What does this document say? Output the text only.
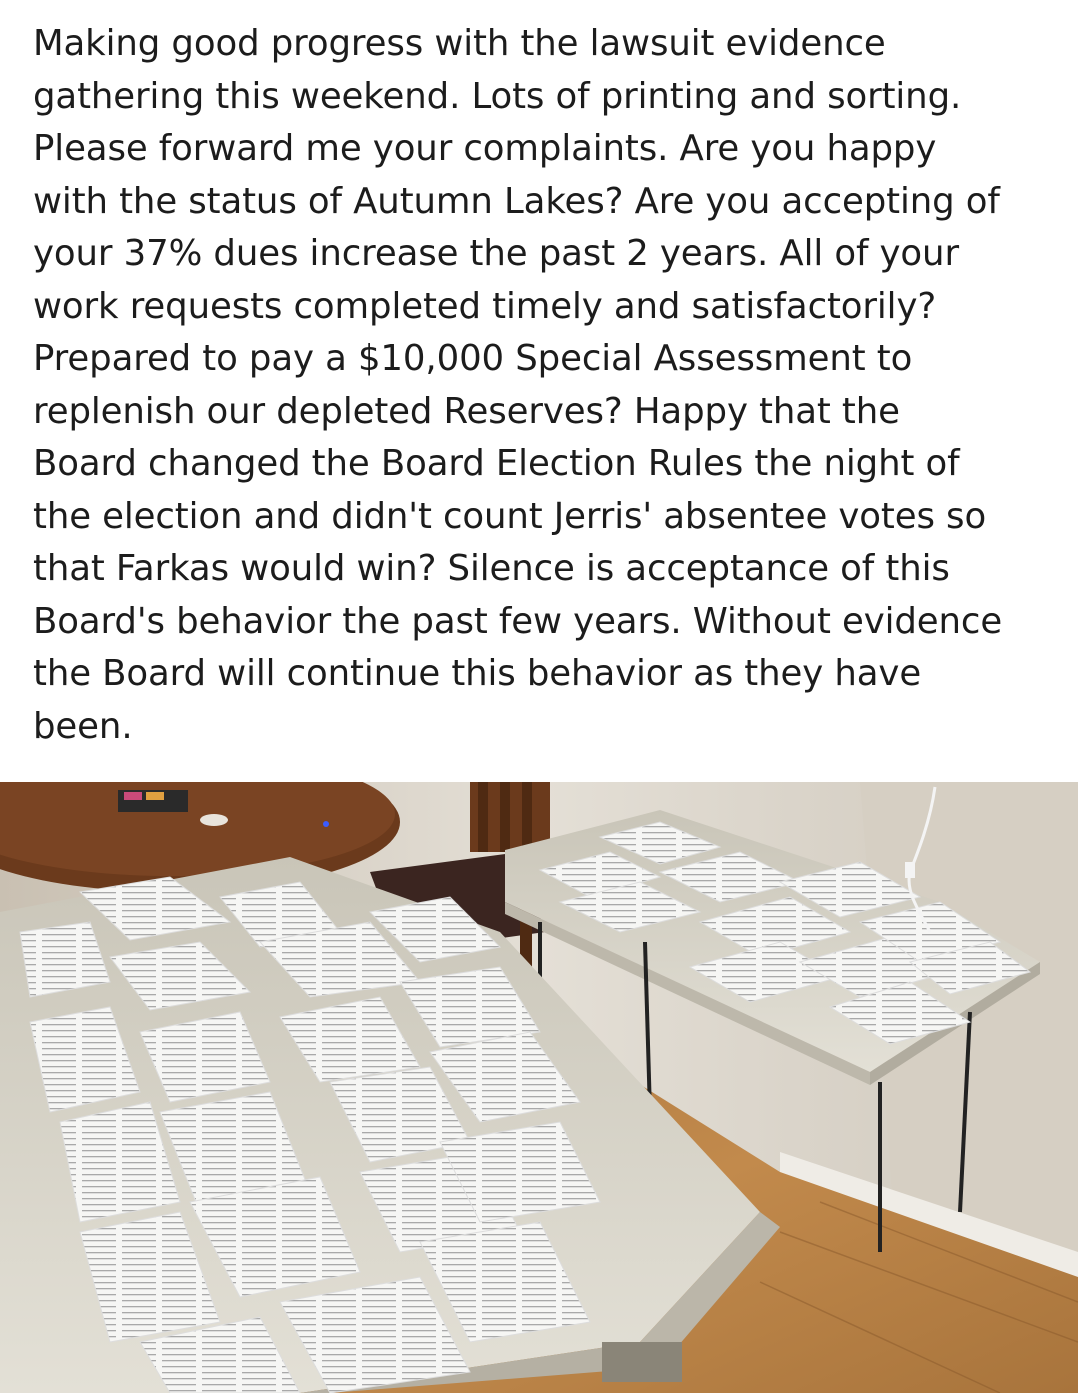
Making good progress with the lawsuit evidence
gathering this weekend. Lots of printing and sorting.
Please forward me your complaints. Are you happy
with the status of Autumn Lakes? Are you accepting of
your 37% dues increase the past 2 years. All of your
work requests completed timely and satisfactorily?
Prepared to pay a $10,000 Special Assessment to
replenish our depleted Reserves? Happy that the
Board changed the Board Election Rules the night of
the election and didn't count Jerris' absentee votes so
that Farkas would win? Silence is acceptance of this
Board's behavior the past few years. Without evidence
the Board will continue this behavior as they have
been.
